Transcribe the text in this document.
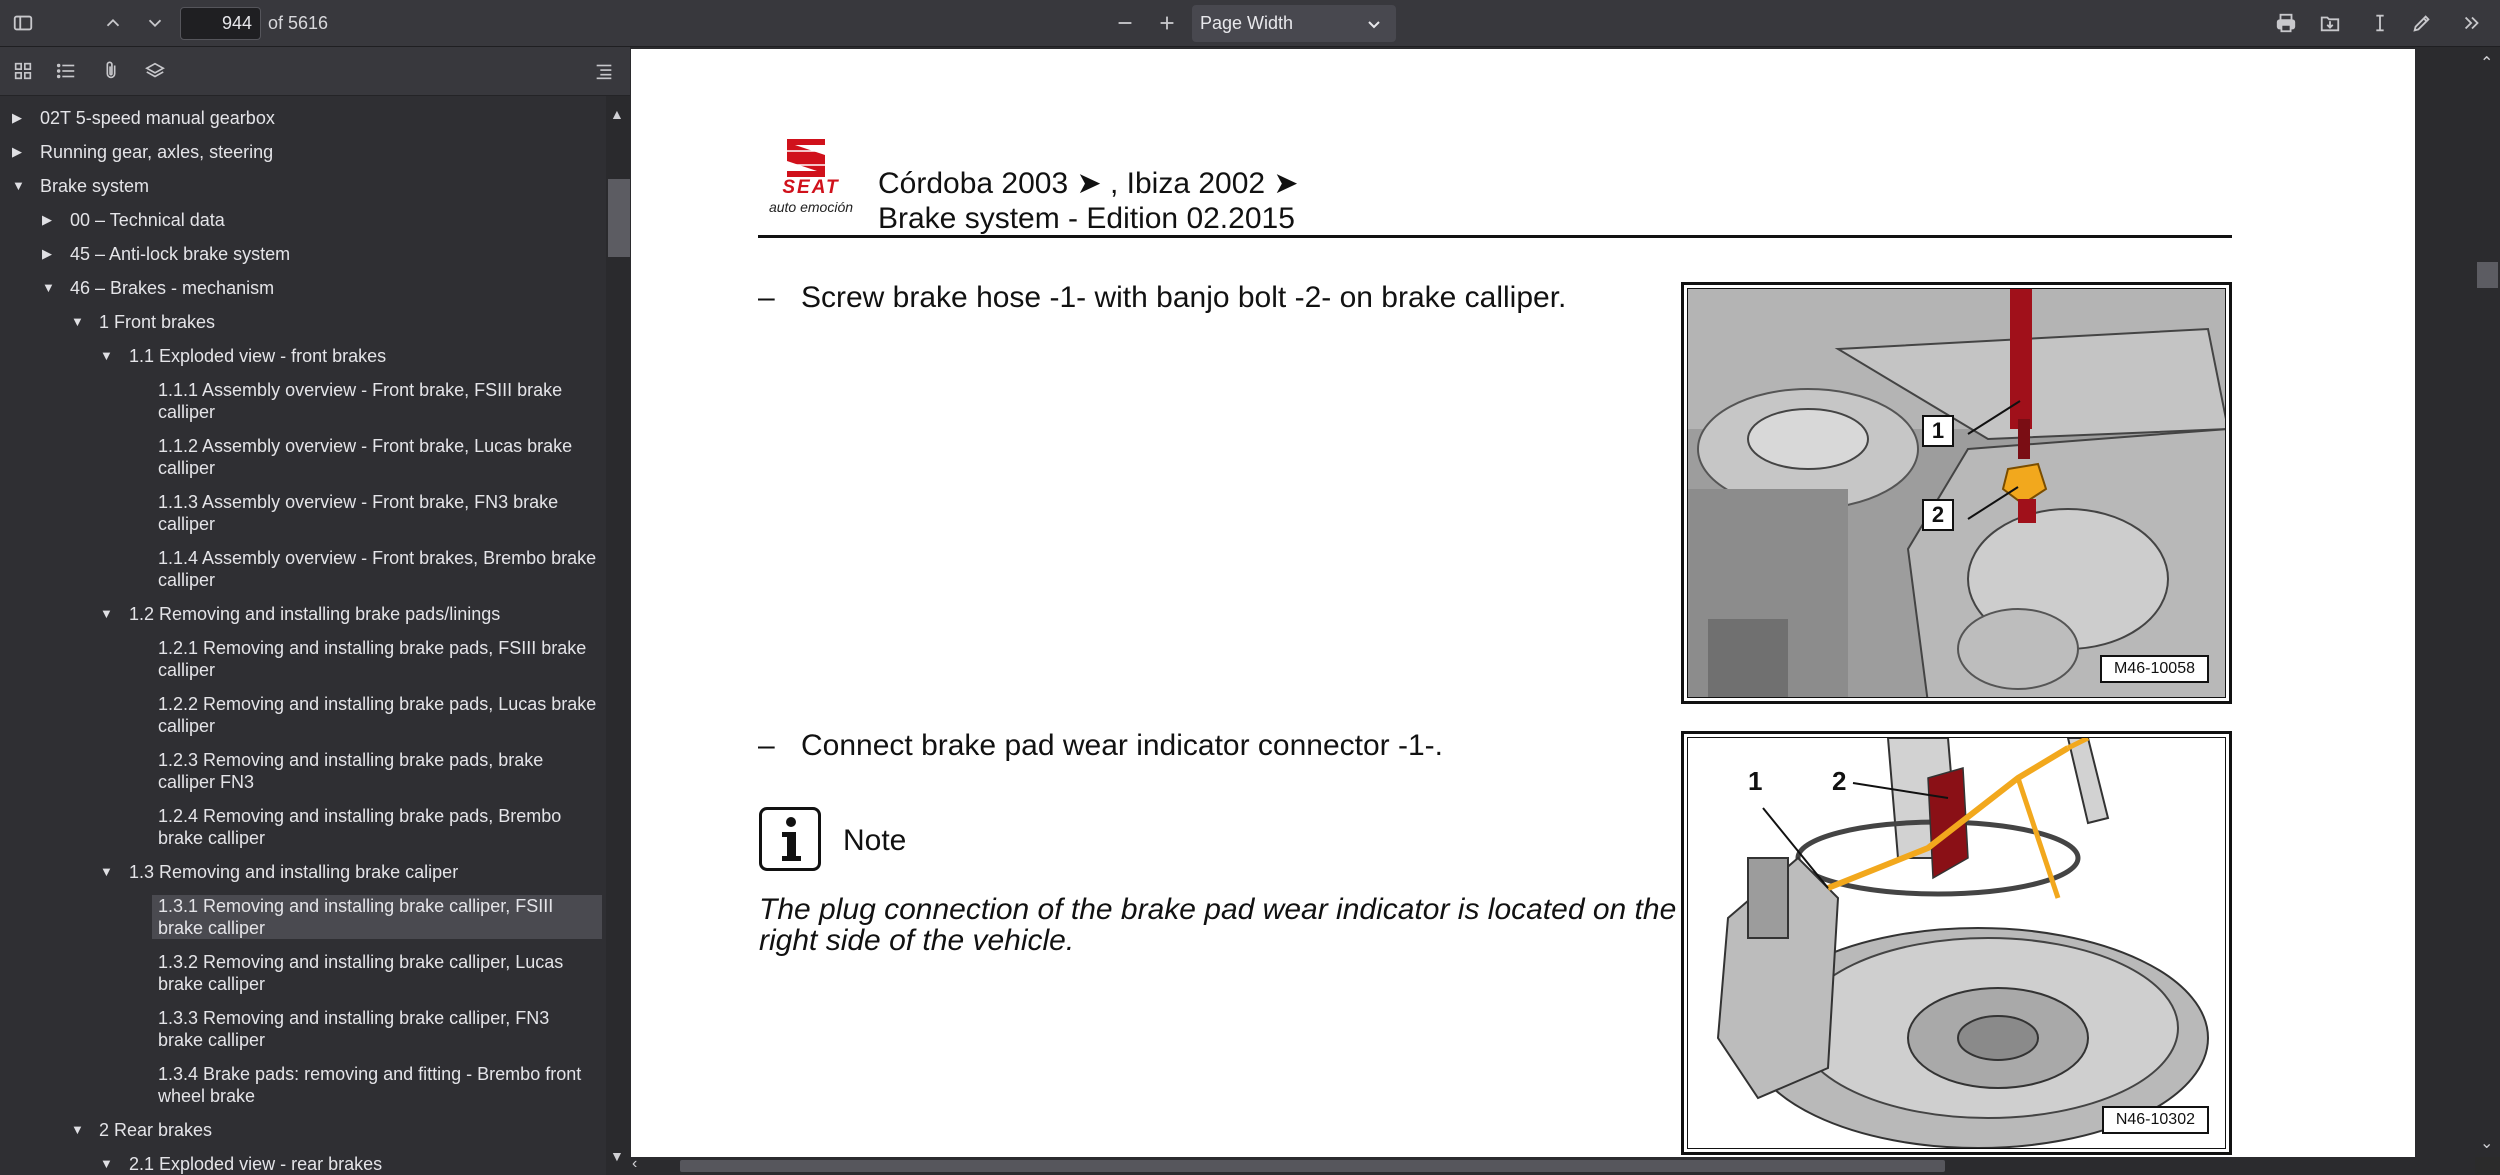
944 of 5616	Page Width
▶ 02T 5-speed manual gearbox
▶ Running gear, axles, steering
▼ Brake system
▶ 00 – Technical data
▶ 45 – Anti-lock brake system
▼ 46 – Brakes - mechanism
▼ 1 Front brakes
▼ 1.1 Exploded view - front brakes
1.1.1 Assembly overview - Front brake, FSIII brake calliper
1.1.2 Assembly overview - Front brake, Lucas brake calliper
1.1.3 Assembly overview - Front brake, FN3 brake calliper
1.1.4 Assembly overview - Front brakes, Brembo brake calliper
▼ 1.2 Removing and installing brake pads/linings
1.2.1 Removing and installing brake pads, FSIII brake calliper
1.2.2 Removing and installing brake pads, Lucas brake calliper
1.2.3 Removing and installing brake pads, brake calliper FN3
1.2.4 Removing and installing brake pads, Brembo brake calliper
▼ 1.3 Removing and installing brake caliper
1.3.1 Removing and installing brake calliper, FSIII brake calliper
1.3.2 Removing and installing brake calliper, Lucas brake calliper
1.3.3 Removing and installing brake calliper, FN3 brake calliper
1.3.4 Brake pads: removing and fitting - Brembo front wheel brake
▼ 2 Rear brakes
▼ 2.1 Exploded view - rear brakes
▲
▼
SEAT
auto emoción
Córdoba 2003 ➤ , Ibiza 2002 ➤
Brake system - Edition 02.2015
– Screw brake hose -1- with banjo bolt -2- on brake calliper.
1
2
M46-10058
– Connect brake pad wear indicator connector -1-.
Note
The plug connection of the brake pad wear indicator is located on the right side of the vehicle.
1	2
N46-10302
⌃
⌄
‹
